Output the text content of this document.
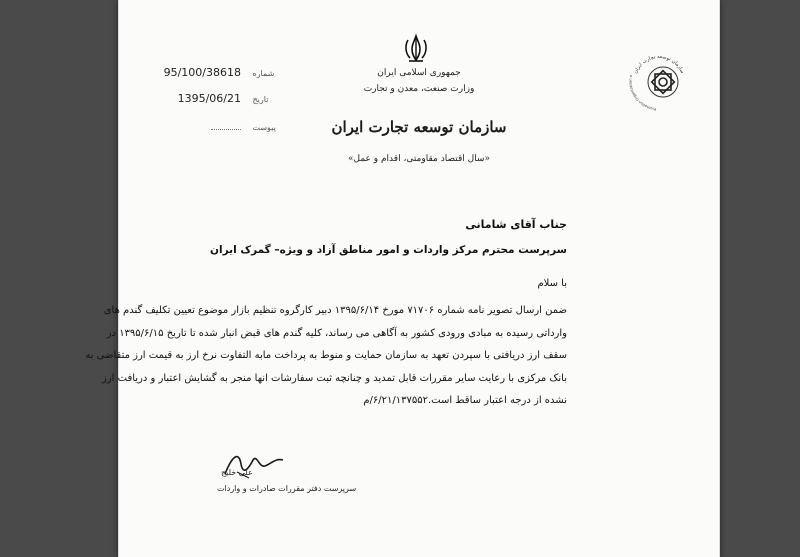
95/100/38618 شماره
1395/06/21 تاریخ
پیوست
جمهوری اسلامی ایران
وزارت صنعت، معدن و تجارت
سازمان توسعه تجارت ایران
«سال اقتصاد مقاومتی، اقدام و عمل»
سازمان توسعه تجارت ایران
Promotion Organization o
جناب آقای شامانی
سرپرست محترم مرکز واردات و امور مناطق آزاد و ویژه– گمرک ایران
با سلام
ضمن ارسال تصویر نامه شماره ۷۱۷۰۶ مورخ ۱۳۹۵/۶/۱۴ دبیر کارگروه تنظیم بازار موضوع تعیین تکلیف گندم های
وارداتی رسیده به مبادی ورودی کشور به آگاهی می رساند، کلیه گندم های قبض انبار شده تا تاریخ ۱۳۹۵/۶/۱۵ در
سقف ارز دریافتی با سپردن تعهد به سازمان حمایت و منوط به پرداخت مابه التفاوت نرخ ارز به قیمت ارز متقاضی به
بانک مرکزی با رعایت سایر مقررات قابل تمدید و چنانچه ثبت سفارشات انها منجر به گشایش اعتبار و دریافت ارز
نشده از درجه اعتبار ساقط است.۶/۲۱/۱۳۷۵۵۲/م
علی خلیج
سرپرست دفتر مقررات صادرات و واردات
